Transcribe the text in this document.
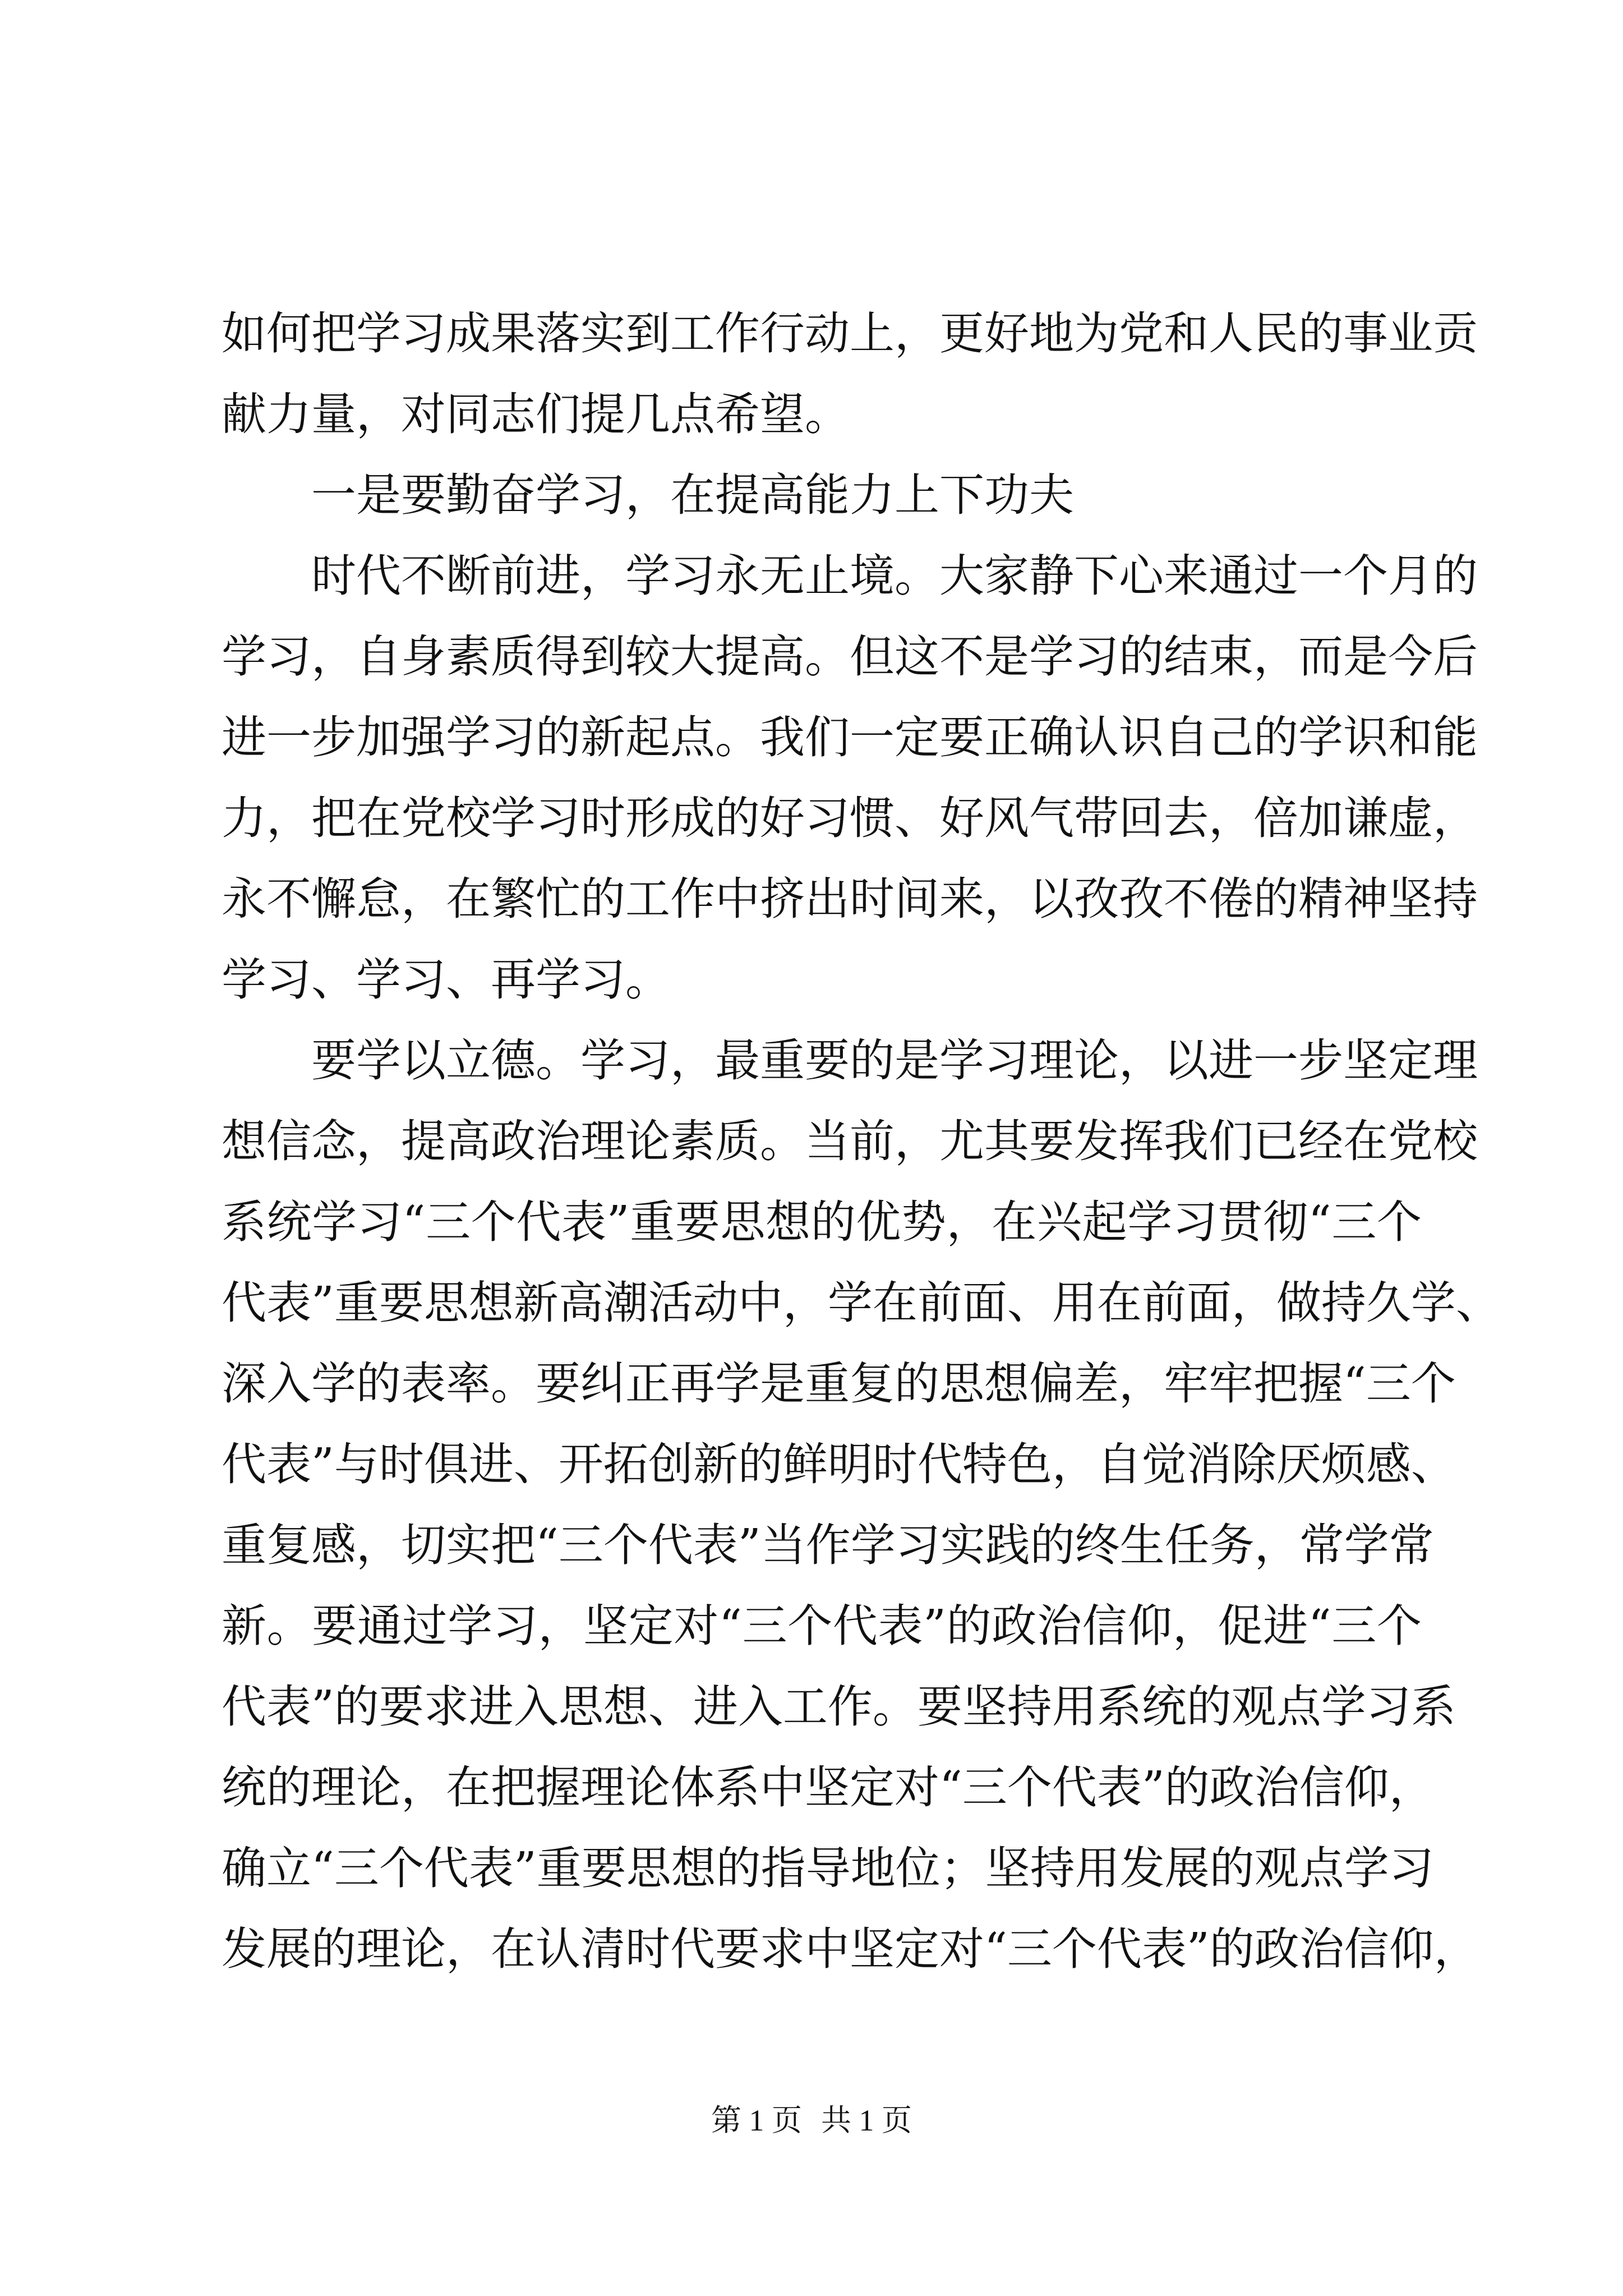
如何把学习成果落实到工作行动上，更好地为党和人民的事业贡
献力量，对同志们提几点希望。
一是要勤奋学习，在提高能力上下功夫
时代不断前进，学习永无止境。大家静下心来通过一个月的
学习，自身素质得到较大提高。但这不是学习的结束，而是今后
进一步加强学习的新起点。我们一定要正确认识自己的学识和能
力，把在党校学习时形成的好习惯、好风气带回去，倍加谦虚，
永不懈怠，在繁忙的工作中挤出时间来，以孜孜不倦的精神坚持
学习、学习、再学习。
要学以立德。学习，最重要的是学习理论，以进一步坚定理
想信念，提高政治理论素质。当前，尤其要发挥我们已经在党校
系统学习“三个代表”重要思想的优势，在兴起学习贯彻“三个
代表”重要思想新高潮活动中，学在前面、用在前面，做持久学、
深入学的表率。要纠正再学是重复的思想偏差，牢牢把握“三个
代表”与时俱进、开拓创新的鲜明时代特色，自觉消除厌烦感、
重复感，切实把“三个代表”当作学习实践的终生任务，常学常
新。要通过学习，坚定对“三个代表”的政治信仰，促进“三个
代表”的要求进入思想、进入工作。要坚持用系统的观点学习系
统的理论，在把握理论体系中坚定对“三个代表”的政治信仰，
确立“三个代表”重要思想的指导地位；坚持用发展的观点学习
发展的理论，在认清时代要求中坚定对“三个代表”的政治信仰，
第 1 页 共 1 页
